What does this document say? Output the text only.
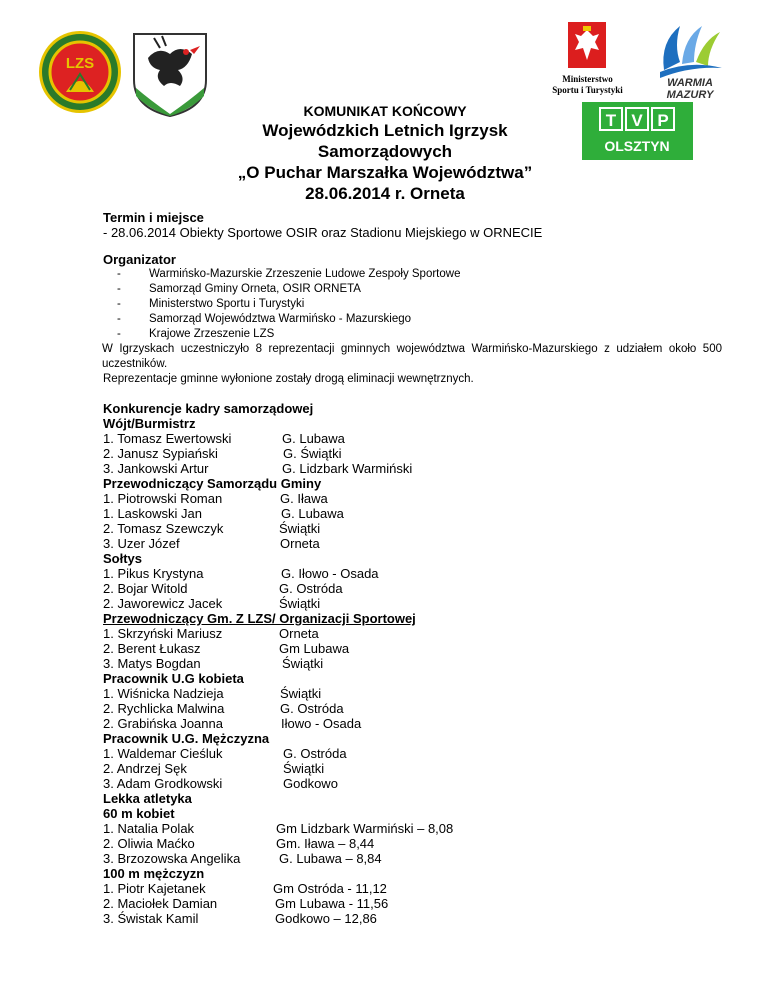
LZS
Ministerstwo
Sportu i Turystyki
WARMIA
MAZURY
T V P
OLSZTYN
KOMUNIKAT KOŃCOWY
Wojewódzkich Letnich Igrzysk
Samorządowych
„O Puchar Marszałka Województwa”
28.06.2014 r. Orneta
Termin i miejsce
- 28.06.2014 Obiekty Sportowe OSIR oraz Stadionu Miejskiego w ORNECIE
Organizator
- Warmińsko-Mazurskie Zrzeszenie Ludowe Zespoły Sportowe
- Samorząd Gminy Orneta, OSIR ORNETA
- Ministerstwo Sportu i Turystyki
- Samorząd Województwa Warmińsko - Mazurskiego
- Krajowe Zrzeszenie LZS
W Igrzyskach uczestniczyło 8 reprezentacji gminnych województwa Warmińsko-Mazurskiego z udziałem około 500 uczestników.
Reprezentacje gminne wyłonione zostały drogą eliminacji wewnętrznych.
Konkurencje kadry samorządowej
Wójt/Burmistrz
1. Tomasz Ewertowski	G. Lubawa
2. Janusz Sypiański	G. Świątki
3. Jankowski Artur	G. Lidzbark Warmiński
Przewodniczący Samorządu Gminy
1. Piotrowski Roman	G. Iława
1. Laskowski Jan	G. Lubawa
2. Tomasz Szewczyk	Świątki
3. Uzer Józef	Orneta
Sołtys
1. Pikus Krystyna	G. Iłowo - Osada
2. Bojar Witold	G. Ostróda
2. Jaworewicz Jacek	Świątki
Przewodniczący Gm. Z LZS/ Organizacji Sportowej
1. Skrzyński Mariusz	Orneta
2. Berent Łukasz	Gm Lubawa
3. Matys Bogdan	Świątki
Pracownik U.G kobieta
1. Wiśnicka Nadzieja	Świątki
2. Rychlicka Malwina	G. Ostróda
2. Grabińska Joanna	Iłowo - Osada
Pracownik U.G. Mężczyzna
1. Waldemar Cieśluk	G. Ostróda
2. Andrzej Sęk	Świątki
3. Adam Grodkowski	Godkowo
Lekka atletyka
60 m kobiet
1. Natalia Polak	Gm Lidzbark Warmiński – 8,08
2. Oliwia Maćko	Gm. Iława – 8,44
3. Brzozowska Angelika	G. Lubawa – 8,84
100 m mężczyzn
1. Piotr Kajetanek	Gm Ostróda - 11,12
2. Maciołek Damian	Gm Lubawa - 11,56
3. Świstak Kamil	Godkowo – 12,86
